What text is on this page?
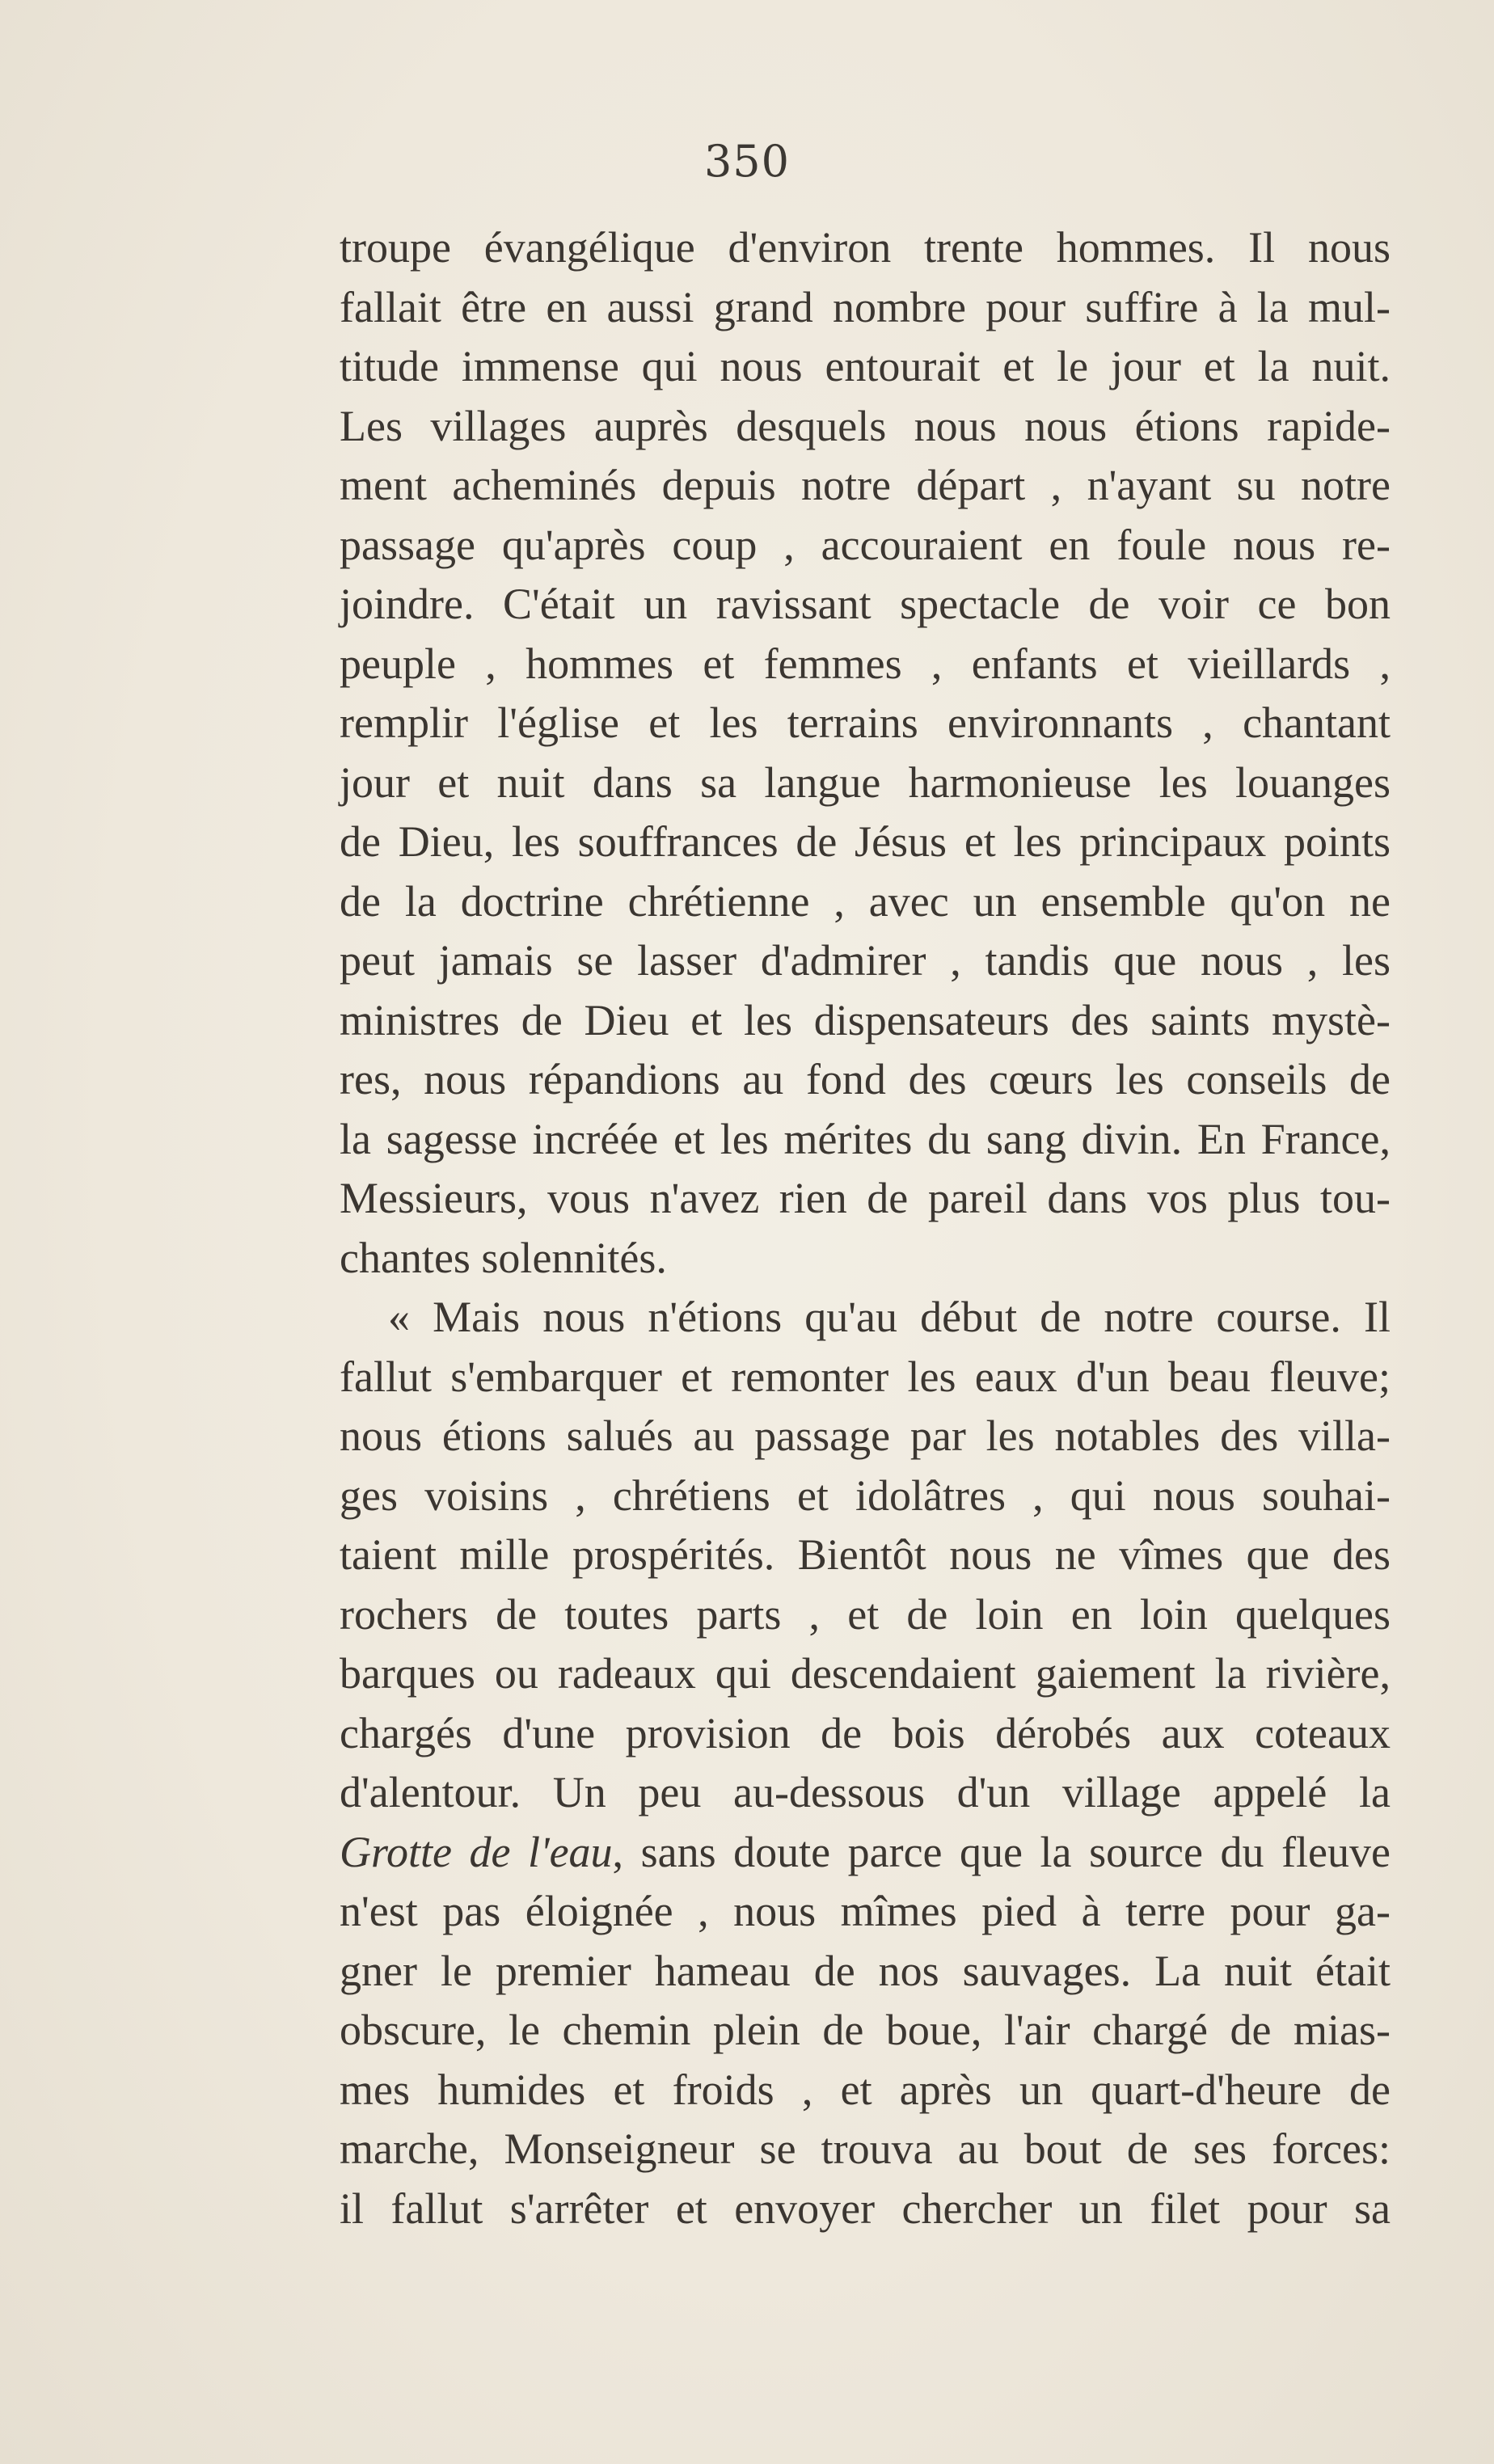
350
troupe évangélique d'environ trente hommes. Il nous
fallait être en aussi grand nombre pour suffire à la mul-
titude immense qui nous entourait et le jour et la nuit.
Les villages auprès desquels nous nous étions rapide-
ment acheminés depuis notre départ , n'ayant su notre
passage qu'après coup , accouraient en foule nous re-
joindre. C'était un ravissant spectacle de voir ce bon
peuple , hommes et femmes , enfants et vieillards ,
remplir l'église et les terrains environnants , chantant
jour et nuit dans sa langue harmonieuse les louanges
de Dieu, les souffrances de Jésus et les principaux points
de la doctrine chrétienne , avec un ensemble qu'on ne
peut jamais se lasser d'admirer , tandis que nous , les
ministres de Dieu et les dispensateurs des saints mystè-
res, nous répandions au fond des cœurs les conseils de
la sagesse incréée et les mérites du sang divin. En France,
Messieurs, vous n'avez rien de pareil dans vos plus tou-
chantes solennités.
« Mais nous n'étions qu'au début de notre course. Il
fallut s'embarquer et remonter les eaux d'un beau fleuve;
nous étions salués au passage par les notables des villa-
ges voisins , chrétiens et idolâtres , qui nous souhai-
taient mille prospérités. Bientôt nous ne vîmes que des
rochers de toutes parts , et de loin en loin quelques
barques ou radeaux qui descendaient gaiement la rivière,
chargés d'une provision de bois dérobés aux coteaux
d'alentour. Un peu au-dessous d'un village appelé la
Grotte de l'eau, sans doute parce que la source du fleuve
n'est pas éloignée , nous mîmes pied à terre pour ga-
gner le premier hameau de nos sauvages. La nuit était
obscure, le chemin plein de boue, l'air chargé de mias-
mes humides et froids , et après un quart-d'heure de
marche, Monseigneur se trouva au bout de ses forces:
il fallut s'arrêter et envoyer chercher un filet pour sa
